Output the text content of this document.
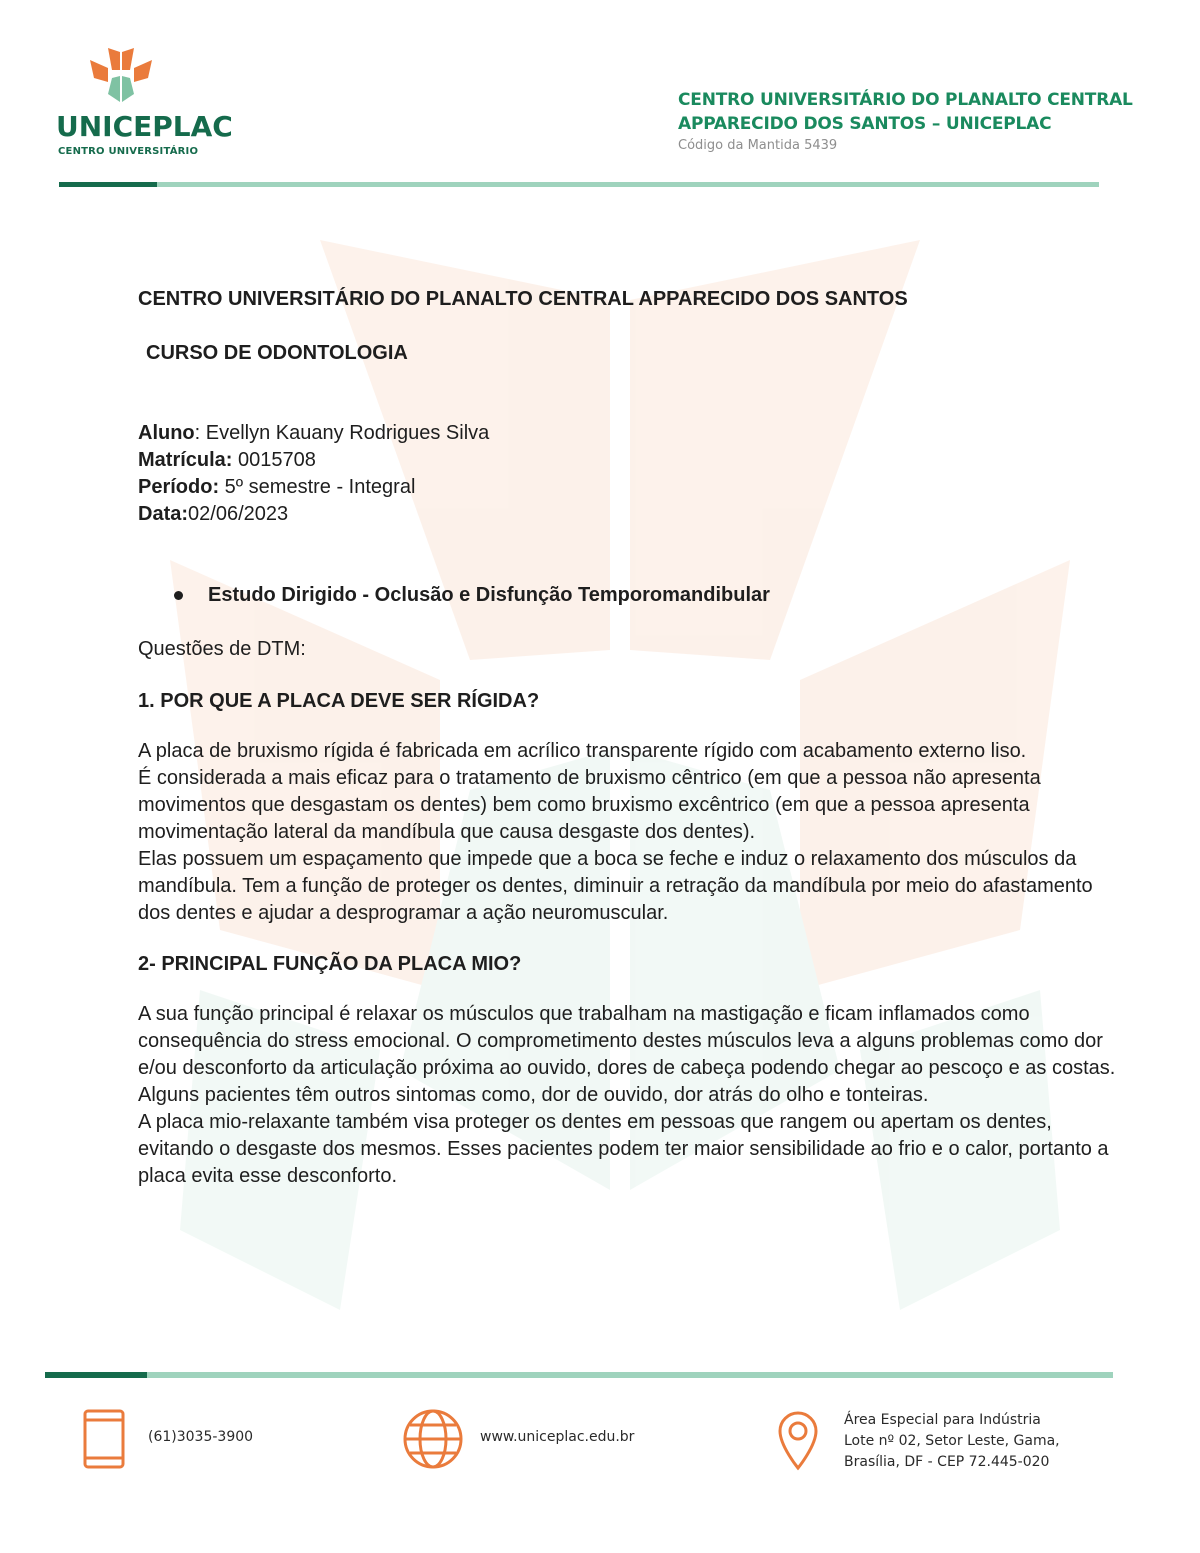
UNICEPLAC
CENTRO UNIVERSITÁRIO
CENTRO UNIVERSITÁRIO DO PLANALTO CENTRAL
APPARECIDO DOS SANTOS – UNICEPLAC
Código da Mantida 5439

CENTRO UNIVERSITÁRIO DO PLANALTO CENTRAL APPARECIDO DOS SANTOS

CURSO DE ODONTOLOGIA

Aluno: Evellyn Kauany Rodrigues Silva
Matrícula: 0015708
Período: 5º semestre - Integral
Data:02/06/2023
Estudo Dirigido - Oclusão e Disfunção Temporomandibular
Questões de DTM:
1. POR QUE A PLACA DEVE SER RÍGIDA?

A placa de bruxismo rígida é fabricada em acrílico transparente rígido com acabamento externo liso.

É considerada a mais eficaz para o tratamento de bruxismo cêntrico (em que a pessoa não apresenta movimentos que desgastam os dentes) bem como bruxismo excêntrico (em que a pessoa apresenta movimentação lateral da mandíbula que causa desgaste dos dentes).

Elas possuem um espaçamento que impede que a boca se feche e induz o relaxamento dos músculos da mandíbula. Tem a função de proteger os dentes, diminuir a retração da mandíbula por meio do afastamento dos dentes e ajudar a desprogramar a ação neuromuscular.

2- PRINCIPAL FUNÇÃO DA PLACA MIO?

A sua função principal é relaxar os músculos que trabalham na mastigação e ficam inflamados como consequência do stress emocional. O comprometimento destes músculos leva a alguns problemas como dor e/ou desconforto da articulação próxima ao ouvido, dores de cabeça podendo chegar ao pescoço e as costas. Alguns pacientes têm outros sintomas como, dor de ouvido, dor atrás do olho e tonteiras.

A placa mio-relaxante também visa proteger os dentes em pessoas que rangem ou apertam os dentes, evitando o desgaste dos mesmos. Esses pacientes podem ter maior sensibilidade ao frio e o calor, portanto a placa evita esse desconforto.

(61)3035-3900	www.uniceplac.edu.br
Área Especial para Indústria
Lote nº 02, Setor Leste, Gama,
Brasília, DF - CEP 72.445-020
